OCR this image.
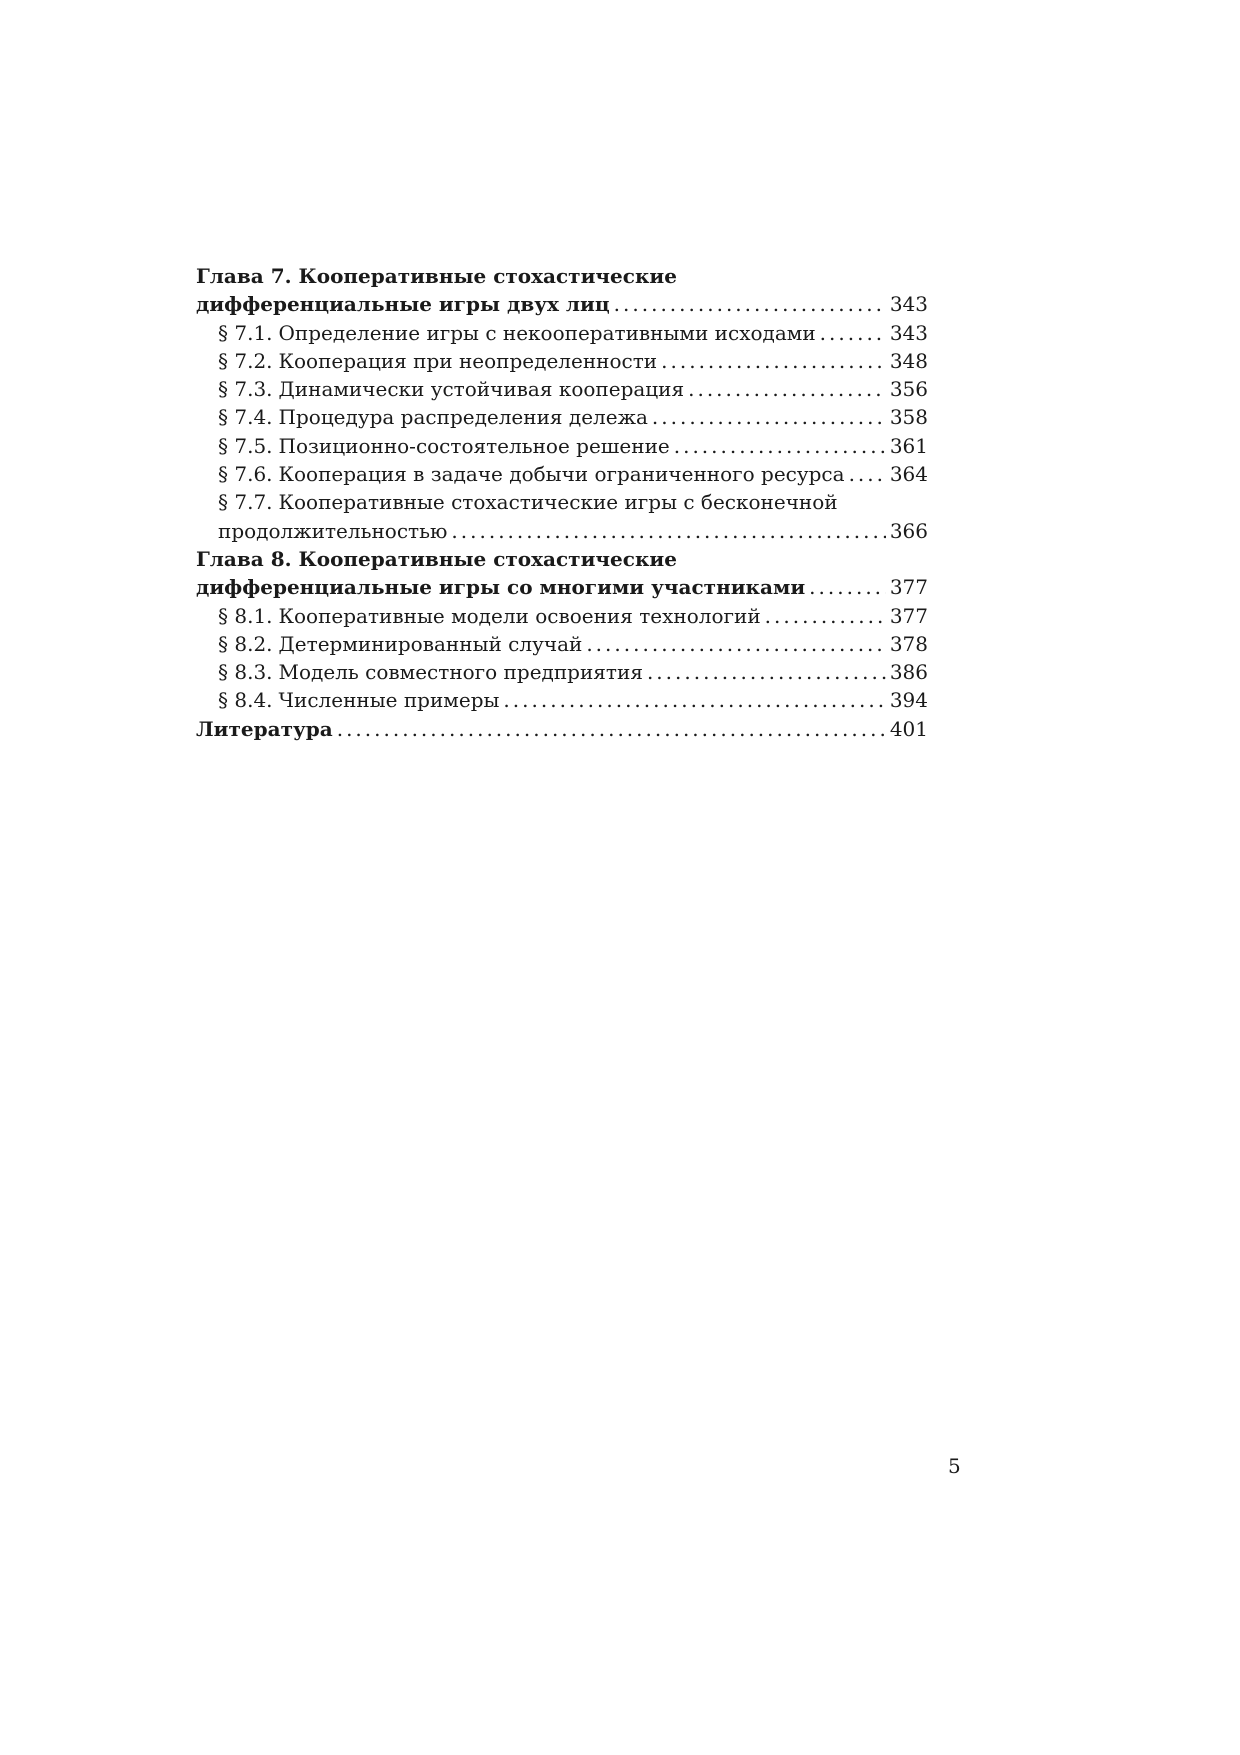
Глава 7. Кооперативные стохастические
дифференциальные игры двух лиц .....	343
§ 7.1. Определение игры с некооперативными исходами .....	343
§ 7.2. Кооперация при неопределенности .....	348
§ 7.3. Динамически устойчивая кооперация .....	356
§ 7.4. Процедура распределения дележа .....	358
§ 7.5. Позиционно-состоятельное решение .....	361
§ 7.6. Кооперация в задаче добычи ограниченного ресурса ..... 364
§ 7.7. Кооперативные стохастические игры с бесконечной
продолжительностью .....	366
Глава 8. Кооперативные стохастические
дифференциальные игры со многими участниками .....	377
§ 8.1. Кооперативные модели освоения технологий .....	377
§ 8.2. Детерминированный случай .....	378
§ 8.3. Модель совместного предприятия .....	386
§ 8.4. Численные примеры .....	394
Литература .....	401
5
